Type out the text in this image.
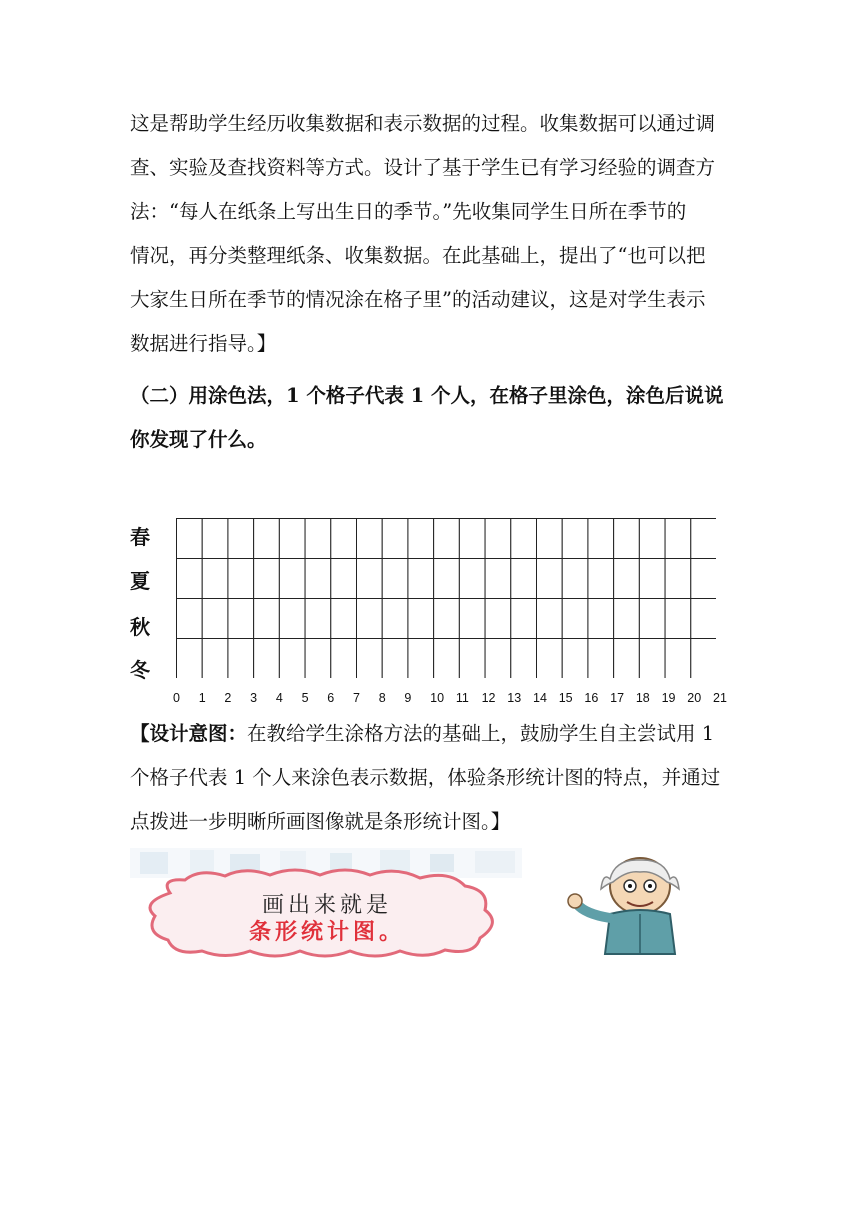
这是帮助学生经历收集数据和表示数据的过程。收集数据可以通过调

查、实验及查找资料等方式。设计了基于学生已有学习经验的调查方

法：“每人在纸条上写出生日的季节。”先收集同学生日所在季节的

情况，再分类整理纸条、收集数据。在此基础上，提出了“也可以把

大家生日所在季节的情况涂在格子里”的活动建议，这是对学生表示

数据进行指导。】

（二）用涂色法，1 个格子代表 1 个人，在格子里涂色，涂色后说说

你发现了什么。

春
夏
秋
冬
0 1 2 3 4 5 6 7 8 9 10 11 12 13 14 15 16 17 18 19 20 21

【设计意图：在教给学生涂格方法的基础上，鼓励学生自主尝试用 1

个格子代表 1 个人来涂色表示数据，体验条形统计图的特点，并通过

点拨进一步明晰所画图像就是条形统计图。】

画出来就是
条形统计图。
